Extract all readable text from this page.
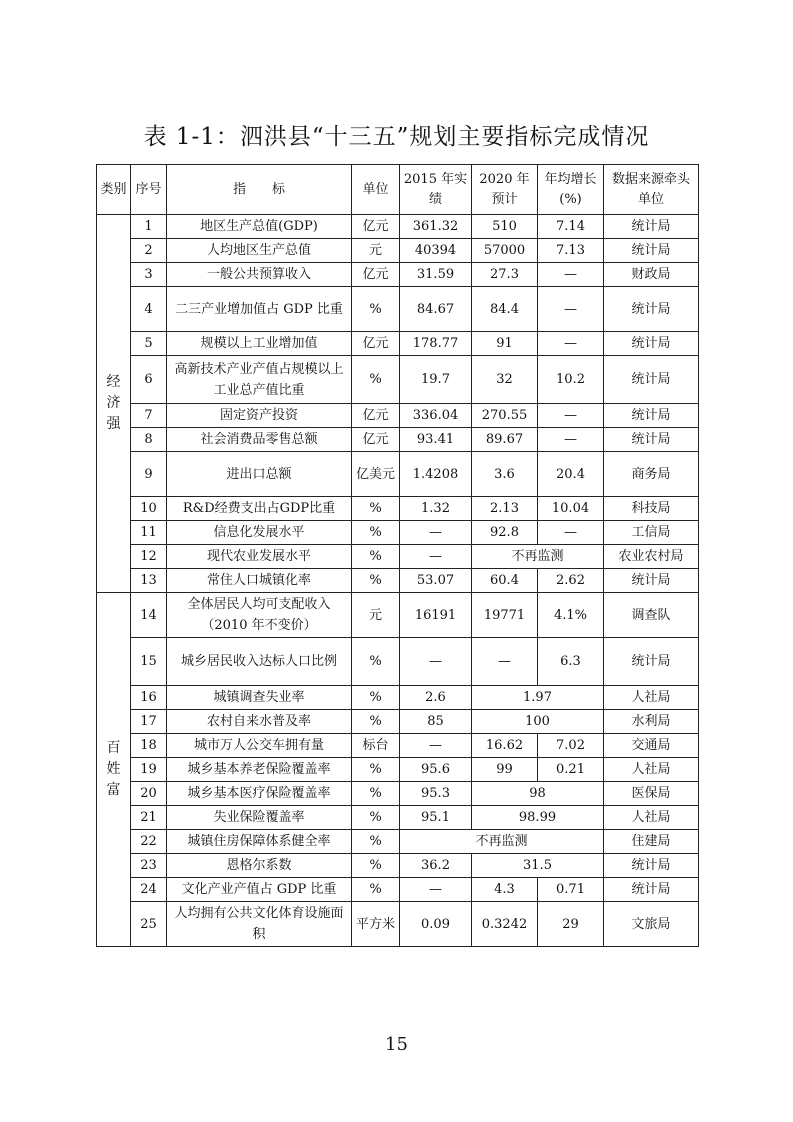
表 1-1：泗洪县“十三五”规划主要指标完成情况
类别	序号	指　　标	单位	2015 年实绩	2020 年预计	年均增长(%)	数据来源牵头单位

经
济
强	1	地区生产总值(GDP)	亿元	361.32	510	7.14	统计局
	2	人均地区生产总值	元	40394	57000	7.13	统计局
	3	一般公共预算收入	亿元	31.59	27.3	—	财政局
	4	二三产业增加值占 GDP 比重	%	84.67	84.4	—	统计局
	5	规模以上工业增加值	亿元	178.77	91	—	统计局
	6	高新技术产业产值占规模以上工业总产值比重	%	19.7	32	10.2	统计局
	7	固定资产投资	亿元	336.04	270.55	—	统计局
	8	社会消费品零售总额	亿元	93.41	89.67	—	统计局
	9	进出口总额	亿美元	1.4208	3.6	20.4	商务局
	10	R&D经费支出占GDP比重	%	1.32	2.13	10.04	科技局
	11	信息化发展水平	%	—	92.8	—	工信局
	12	现代农业发展水平	%	—	不再监测		农业农村局
	13	常住人口城镇化率	%	53.07	60.4	2.62	统计局

百
姓
富	14	全体居民人均可支配收入（2010 年不变价）	元	16191	19771	4.1%	调查队
	15	城乡居民收入达标人口比例	%	—	—	6.3	统计局
	16	城镇调查失业率	%	2.6	1.97		人社局
	17	农村自来水普及率	%	85	100		水利局
	18	城市万人公交车拥有量	标台	—	16.62	7.02	交通局
	19	城乡基本养老保险覆盖率	%	95.6	99	0.21	人社局
	20	城乡基本医疗保险覆盖率	%	95.3	98		医保局
	21	失业保险覆盖率	%	95.1	98.99		人社局
	22	城镇住房保障体系健全率	%	不再监测			住建局
	23	恩格尔系数	%	36.2	31.5		统计局
	24	文化产业产值占 GDP 比重	%	—	4.3	0.71	统计局
	25	人均拥有公共文化体育设施面积	平方米	0.09	0.3242	29	文旅局
15
